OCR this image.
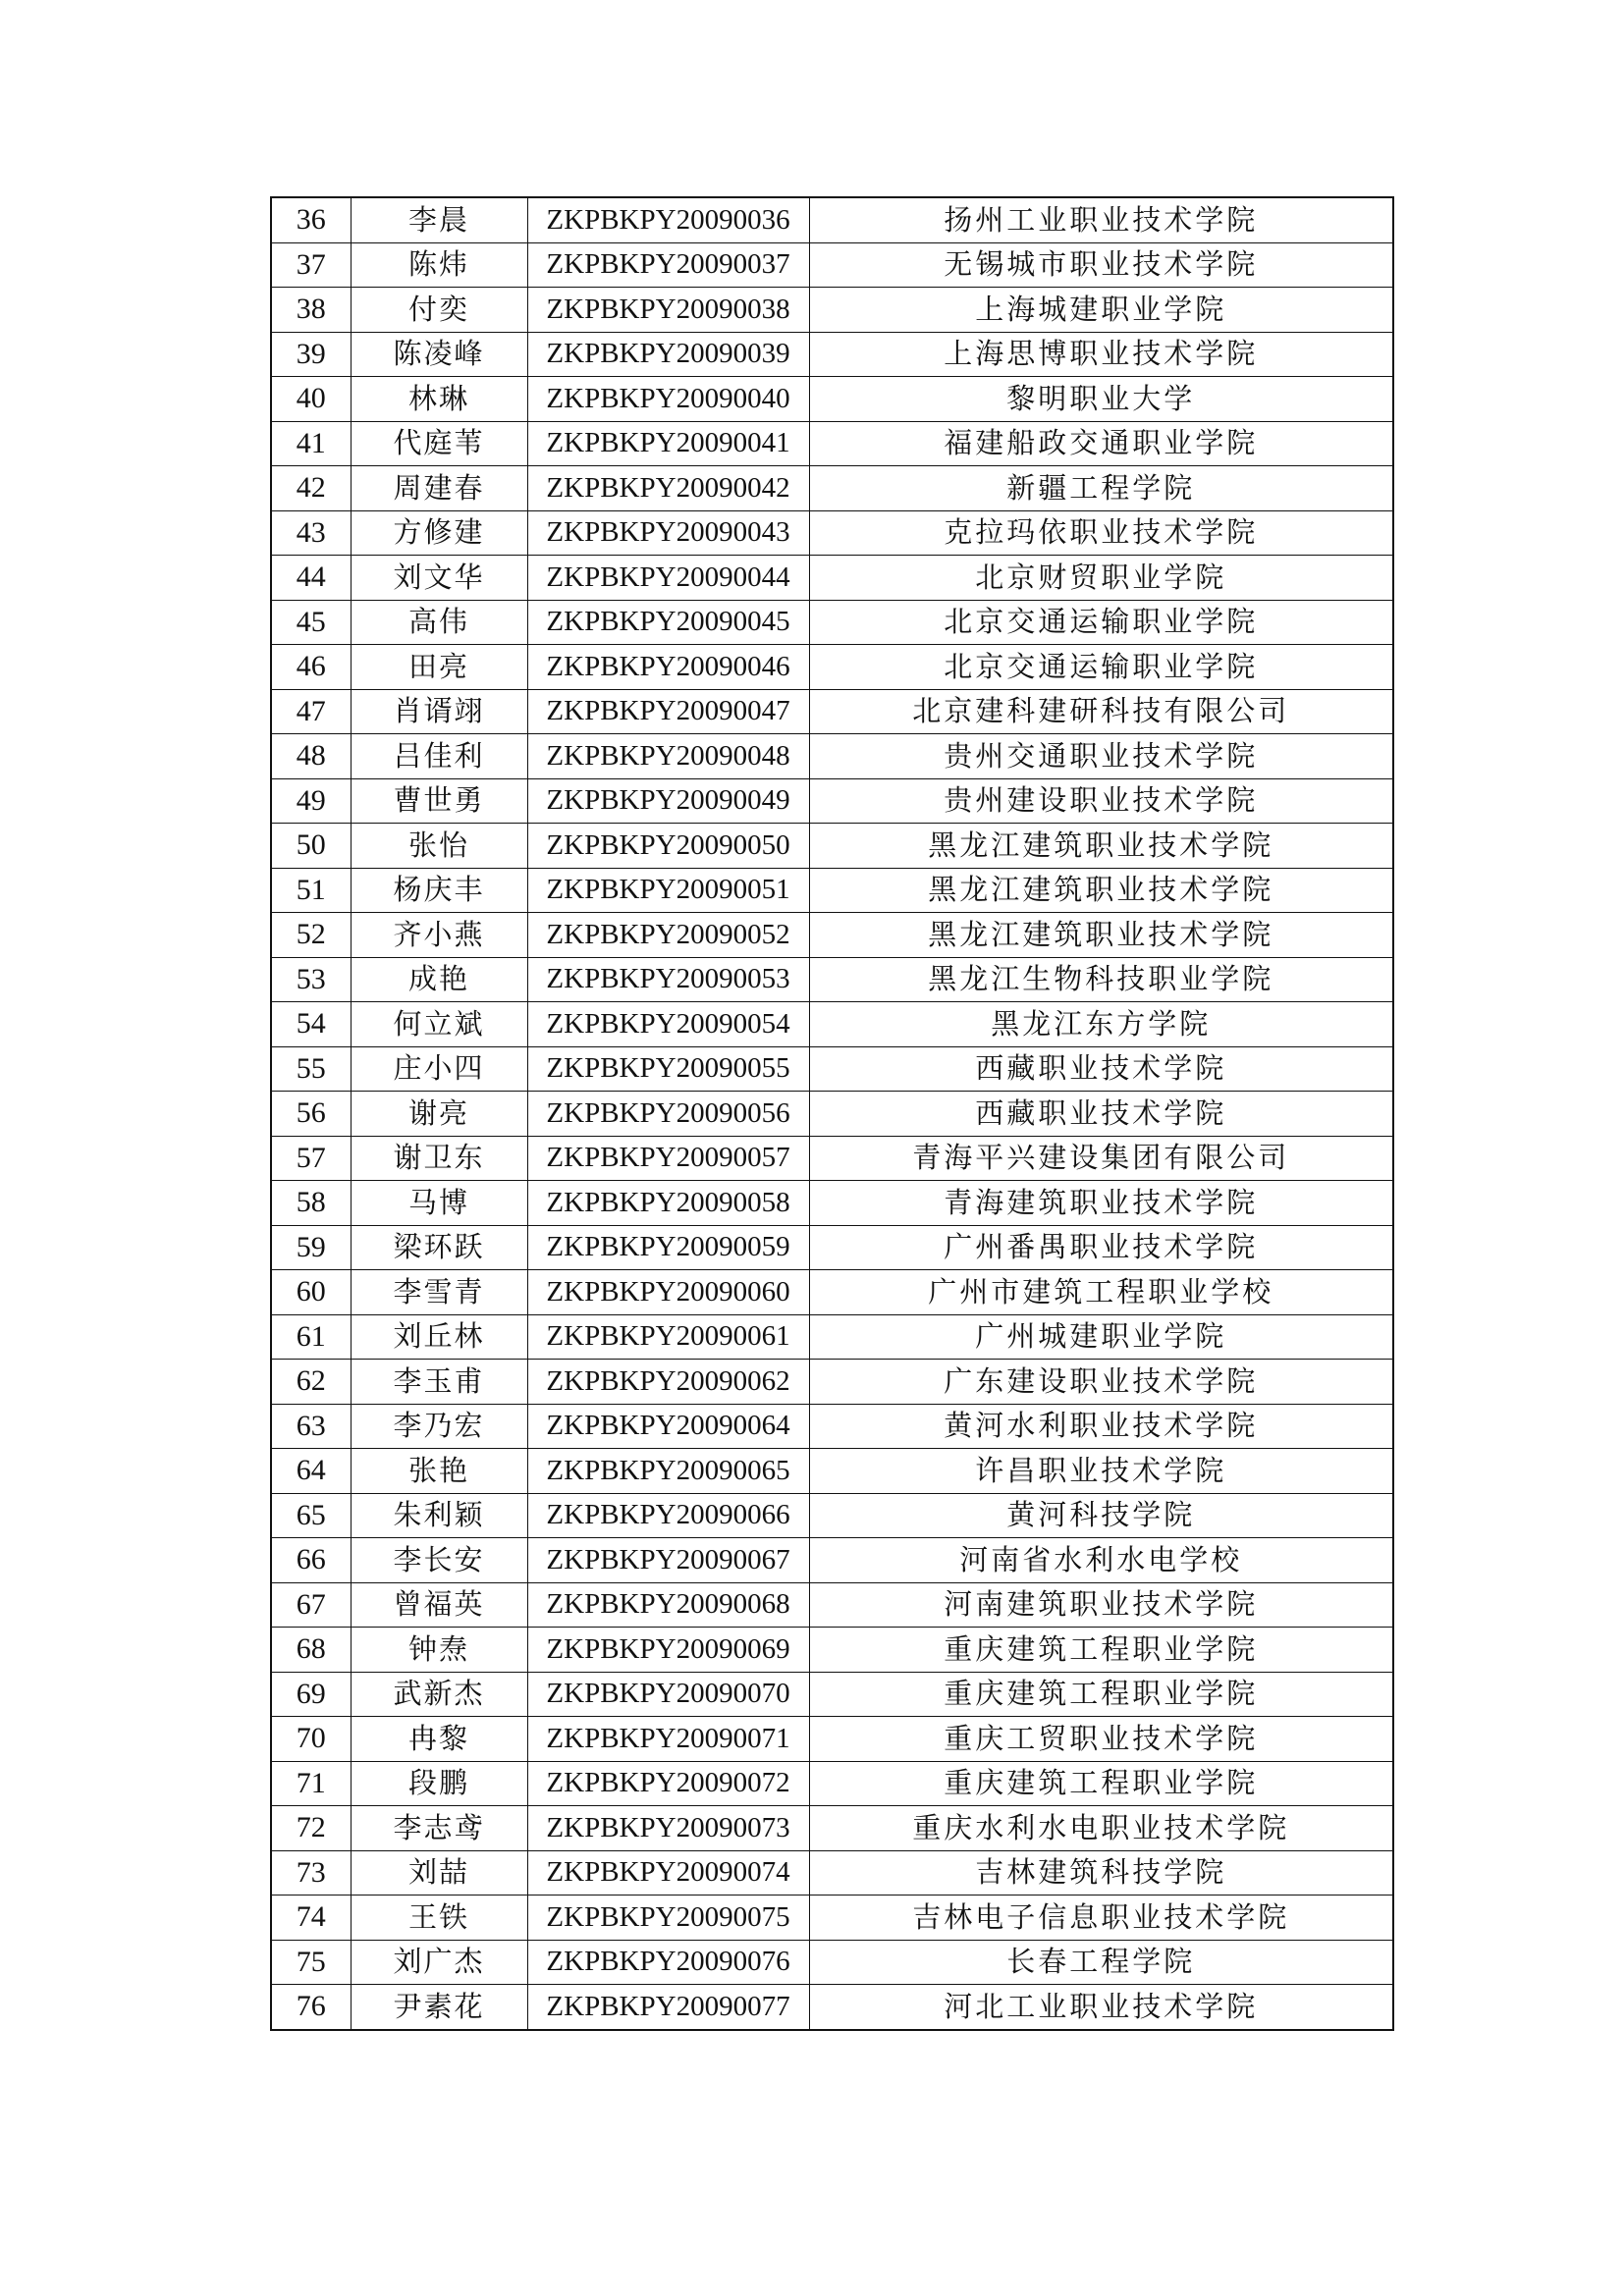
36	李晨	ZKPBKPY20090036	扬州工业职业技术学院
37	陈炜	ZKPBKPY20090037	无锡城市职业技术学院
38	付奕	ZKPBKPY20090038	上海城建职业学院
39	陈凌峰	ZKPBKPY20090039	上海思博职业技术学院
40	林琳	ZKPBKPY20090040	黎明职业大学
41	代庭苇	ZKPBKPY20090041	福建船政交通职业学院
42	周建春	ZKPBKPY20090042	新疆工程学院
43	方修建	ZKPBKPY20090043	克拉玛依职业技术学院
44	刘文华	ZKPBKPY20090044	北京财贸职业学院
45	高伟	ZKPBKPY20090045	北京交通运输职业学院
46	田亮	ZKPBKPY20090046	北京交通运输职业学院
47	肖谞翊	ZKPBKPY20090047	北京建科建研科技有限公司
48	吕佳利	ZKPBKPY20090048	贵州交通职业技术学院
49	曹世勇	ZKPBKPY20090049	贵州建设职业技术学院
50	张怡	ZKPBKPY20090050	黑龙江建筑职业技术学院
51	杨庆丰	ZKPBKPY20090051	黑龙江建筑职业技术学院
52	齐小燕	ZKPBKPY20090052	黑龙江建筑职业技术学院
53	成艳	ZKPBKPY20090053	黑龙江生物科技职业学院
54	何立斌	ZKPBKPY20090054	黑龙江东方学院
55	庄小四	ZKPBKPY20090055	西藏职业技术学院
56	谢亮	ZKPBKPY20090056	西藏职业技术学院
57	谢卫东	ZKPBKPY20090057	青海平兴建设集团有限公司
58	马博	ZKPBKPY20090058	青海建筑职业技术学院
59	梁环跃	ZKPBKPY20090059	广州番禺职业技术学院
60	李雪青	ZKPBKPY20090060	广州市建筑工程职业学校
61	刘丘林	ZKPBKPY20090061	广州城建职业学院
62	李玉甫	ZKPBKPY20090062	广东建设职业技术学院
63	李乃宏	ZKPBKPY20090064	黄河水利职业技术学院
64	张艳	ZKPBKPY20090065	许昌职业技术学院
65	朱利颖	ZKPBKPY20090066	黄河科技学院
66	李长安	ZKPBKPY20090067	河南省水利水电学校
67	曾福英	ZKPBKPY20090068	河南建筑职业技术学院
68	钟焘	ZKPBKPY20090069	重庆建筑工程职业学院
69	武新杰	ZKPBKPY20090070	重庆建筑工程职业学院
70	冉黎	ZKPBKPY20090071	重庆工贸职业技术学院
71	段鹏	ZKPBKPY20090072	重庆建筑工程职业学院
72	李志鸢	ZKPBKPY20090073	重庆水利水电职业技术学院
73	刘喆	ZKPBKPY20090074	吉林建筑科技学院
74	王铁	ZKPBKPY20090075	吉林电子信息职业技术学院
75	刘广杰	ZKPBKPY20090076	长春工程学院
76	尹素花	ZKPBKPY20090077	河北工业职业技术学院
